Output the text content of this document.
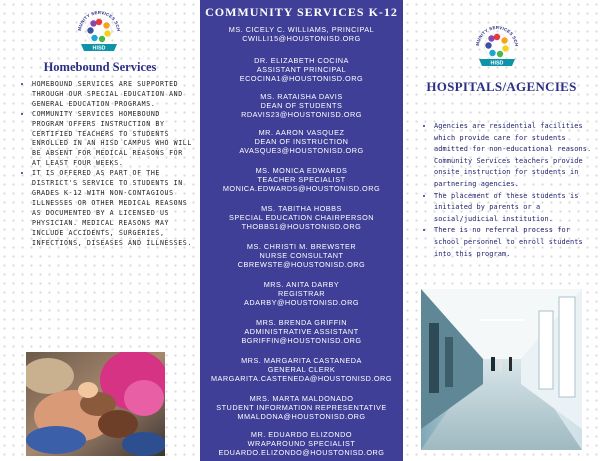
MUNITY SERVICES SCH
HISD
Homebound Services
• HOMEBOUND SERVICES ARE SUPPORTED THROUGH OUR SPECIAL EDUCATION AND GENERAL EDUCATION PROGRAMS.
• COMMUNITY SERVICES HOMEBOUND PROGRAM OFFERS INSTRUCTION BY CERTIFIED TEACHERS TO STUDENTS ENROLLED IN AN HISD CAMPUS WHO WILL BE ABSENT FOR MEDICAL REASONS FOR AT LEAST FOUR WEEKS.
• IT IS OFFERED AS PART OF THE DISTRICT'S SERVICE TO STUDENTS IN GRADES K-12 WITH NON-CONTAGIOUS ILLNESSES OR OTHER MEDICAL REASONS AS DOCUMENTED BY A LICENSED US PHYSICIAN. MEDICAL REASONS MAY INCLUDE ACCIDENTS, SURGERIES, INFECTIONS, DISEASES AND ILLNESSES.
COMMUNITY SERVICES K-12
MS. CICELY C. WILLIAMS, PRINCIPAL
CWILLI15@HOUSTONISD.ORG
DR. ELIZABETH COCINA
ASSISTANT PRINCIPAL
ECOCINA1@HOUSTONISD.ORG
MS. RATAISHA DAVIS
DEAN OF STUDENTS
RDAVIS23@HOUSTONISD.ORG
MR. AARON VASQUEZ
DEAN OF INSTRUCTION
AVASQUE3@HOUSTONISD.ORG
MS. MONICA EDWARDS
TEACHER SPECIALIST
MONICA.EDWARDS@HOUSTONISD.ORG
MS. TABITHA HOBBS
SPECIAL EDUCATION CHAIRPERSON
THOBBS1@HOUSTONISD.ORG
MS. CHRISTI M. BREWSTER
NURSE CONSULTANT
CBREWSTE@HOUSTONISD.ORG
MRS. ANITA DARBY
REGISTRAR
ADARBY@HOUSTONISD.ORG
MRS. BRENDA GRIFFIN
ADMINISTRATIVE ASSISTANT
BGRIFFIN@HOUSTONISD.ORG
MRS. MARGARITA CASTANEDA
GENERAL CLERK
MARGARITA.CASTENEDA@HOUSTONISD.ORG
MRS. MARTA MALDONADO
STUDENT INFORMATION REPRESENTATIVE
MMALDONA@HOUSTONISD.ORG
MR. EDUARDO ELIZONDO
WRAPAROUND SPECIALIST
EDUARDO.ELIZONDO@HOUSTONISD.ORG
MUNITY SERVICES SCH
HISD
HOSPITALS/AGENCIES
• Agencies are residential facilities which provide care for students admitted for non-educational reasons. Community Services teachers provide onsite instruction for students in partnering agencies.
• The placement of these students is initiated by parents or a social/judicial institution.
• There is no referral process for school personnel to enroll students into this program.
